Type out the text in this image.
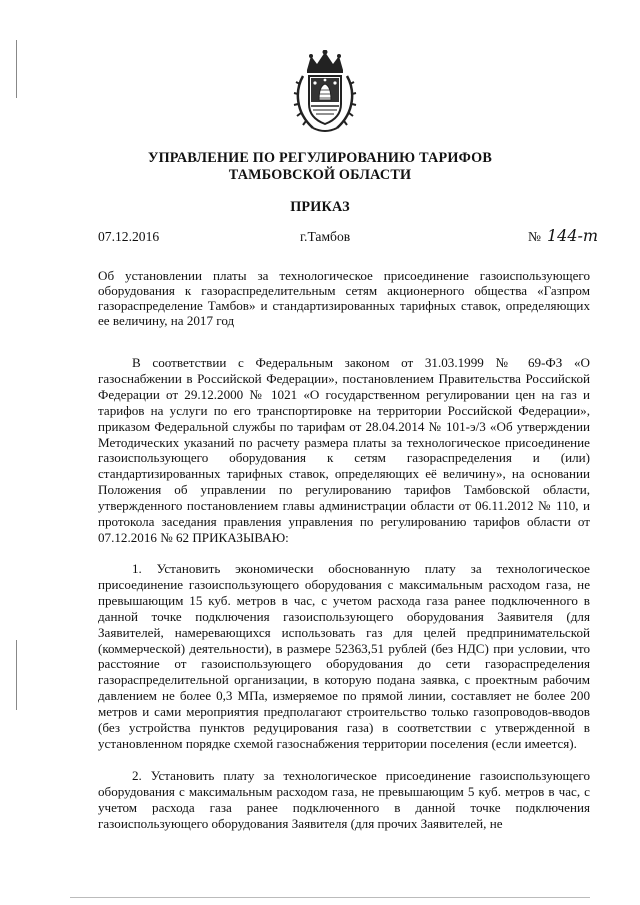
УПРАВЛЕНИЕ ПО РЕГУЛИРОВАНИЮ ТАРИФОВ
ТАМБОВСКОЙ ОБЛАСТИ
ПРИКАЗ
07.12.2016	г.Тамбов	№ 144-т
Об установлении платы за технологическое присоединение газоиспользующего оборудования к газораспределительным сетям акционерного общества «Газпром газораспределение Тамбов» и стандартизированных тарифных ставок, определяющих ее величину, на 2017 год
В соответствии с Федеральным законом от 31.03.1999 № 69-ФЗ «О газоснабжении в Российской Федерации», постановлением Правительства Российской Федерации от 29.12.2000 № 1021 «О государственном регулировании цен на газ и тарифов на услуги по его транспортировке на территории Российской Федерации», приказом Федеральной службы по тарифам от 28.04.2014 № 101-э/3 «Об утверждении Методических указаний по расчету размера платы за технологическое присоединение газоиспользующего оборудования к сетям газораспределения и (или) стандартизированных тарифных ставок, определяющих её величину», на основании Положения об управлении по регулированию тарифов Тамбовской области, утвержденного постановлением главы администрации области от 06.11.2012 № 110, и протокола заседания правления управления по регулированию тарифов области от 07.12.2016 № 62 ПРИКАЗЫВАЮ:
1. Установить экономически обоснованную плату за технологическое присоединение газоиспользующего оборудования с максимальным расходом газа, не превышающим 15 куб. метров в час, с учетом расхода газа ранее подключенного в данной точке подключения газоиспользующего оборудования Заявителя (для Заявителей, намеревающихся использовать газ для целей предпринимательской (коммерческой) деятельности), в размере 52363,51 рублей (без НДС) при условии, что расстояние от газоиспользующего оборудования до сети газораспределения газораспределительной организации, в которую подана заявка, с проектным рабочим давлением не более 0,3 МПа, измеряемое по прямой линии, составляет не более 200 метров и сами мероприятия предполагают строительство только газопроводов-вводов (без устройства пунктов редуцирования газа) в соответствии с утвержденной в установленном порядке схемой газоснабжения территории поселения (если имеется).
2. Установить плату за технологическое присоединение газоиспользующего оборудования с максимальным расходом газа, не превышающим 5 куб. метров в час, с учетом расхода газа ранее подключенного в данной точке подключения газоиспользующего оборудования Заявителя (для прочих Заявителей, не
